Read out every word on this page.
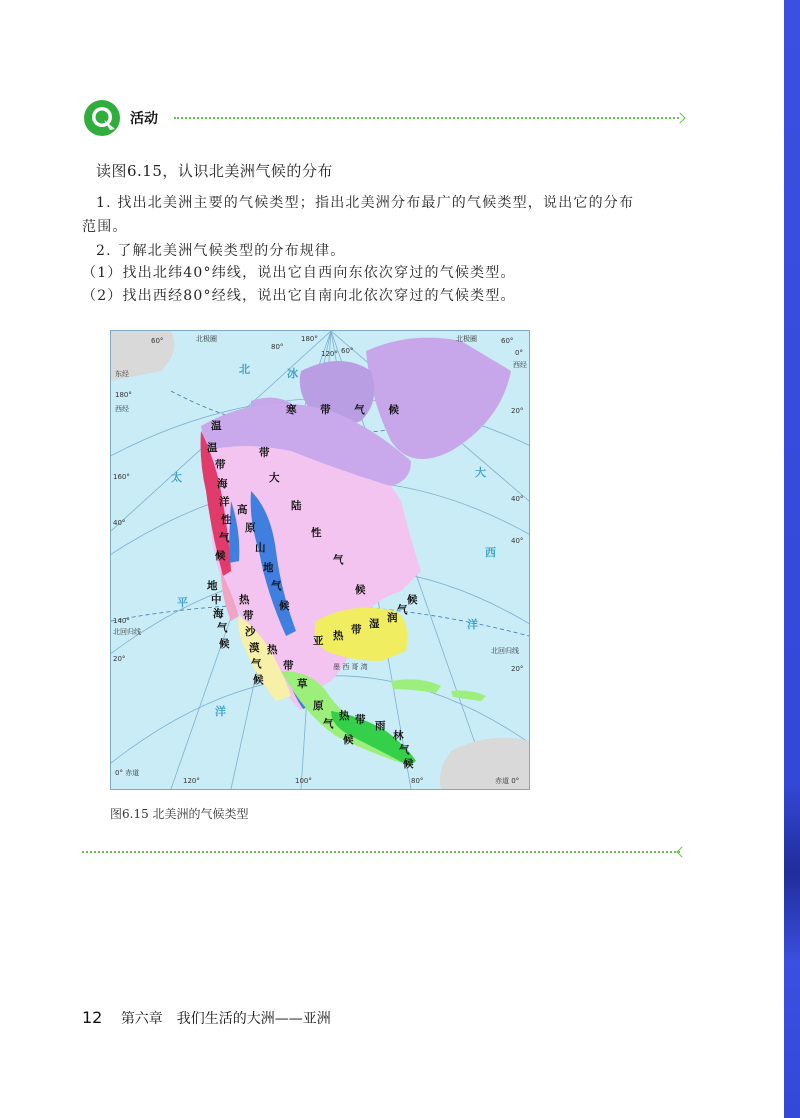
活动
读图6.15，认识北美洲气候的分布
1. 找出北美洲主要的气候类型；指出北美洲分布最广的气候类型，说出它的分布
范围。
2. 了解北美洲气候类型的分布规律。
（1）找出北纬40°纬线，说出它自西向东依次穿过的气候类型。
（2）找出西经80°经线，说出它自南向北依次穿过的气候类型。
寒 带 气 候
温
带
大
陆
性
气
候
温
带
海
洋
性
气
候
高
原
山
地
气
候
地
中
海
气
候
热
带
沙
漠
气
候
亚 热 带 湿 润
气
候
热
带
草
原
气
候
热 带 雨
林
气
候
北	冰
太
平
洋
大
西
洋
墨 西 哥 湾
60°
80°
120° 60°
180°
北极圈	北极圈
东经
180°
西经
60°
0°
西经
20°
40°
40°
160°
40°
140°
北回归线
北回归线
20°
20°
0° 赤道
赤道 0°
120°	100°	80°
图6.15 北美洲的气候类型
12 第六章　我们生活的大洲——亚洲
